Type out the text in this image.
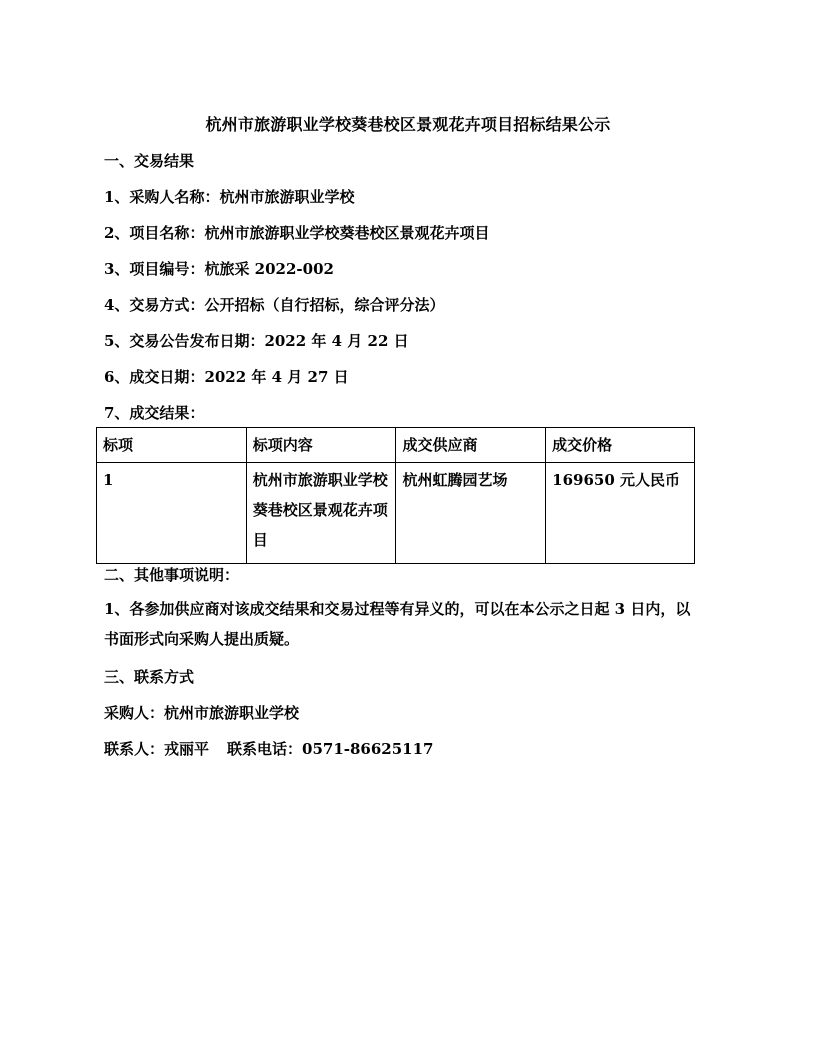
杭州市旅游职业学校葵巷校区景观花卉项目招标结果公示
一、交易结果
1、采购人名称：杭州市旅游职业学校
2、项目名称：杭州市旅游职业学校葵巷校区景观花卉项目
3、项目编号：杭旅采 2022-002
4、交易方式：公开招标（自行招标，综合评分法）
5、交易公告发布日期：2022 年 4 月 22 日
6、成交日期：2022 年 4 月 27 日
7、成交结果：
标项	标项内容	成交供应商	成交价格
1	杭州市旅游职业学校葵巷校区景观花卉项目	杭州虹腾园艺场	169650 元人民币
二、其他事项说明：
1、各参加供应商对该成交结果和交易过程等有异义的，可以在本公示之日起 3 日内，以书面形式向采购人提出质疑。
三、联系方式
采购人：杭州市旅游职业学校
联系人：戎丽平 联系电话：0571-86625117
